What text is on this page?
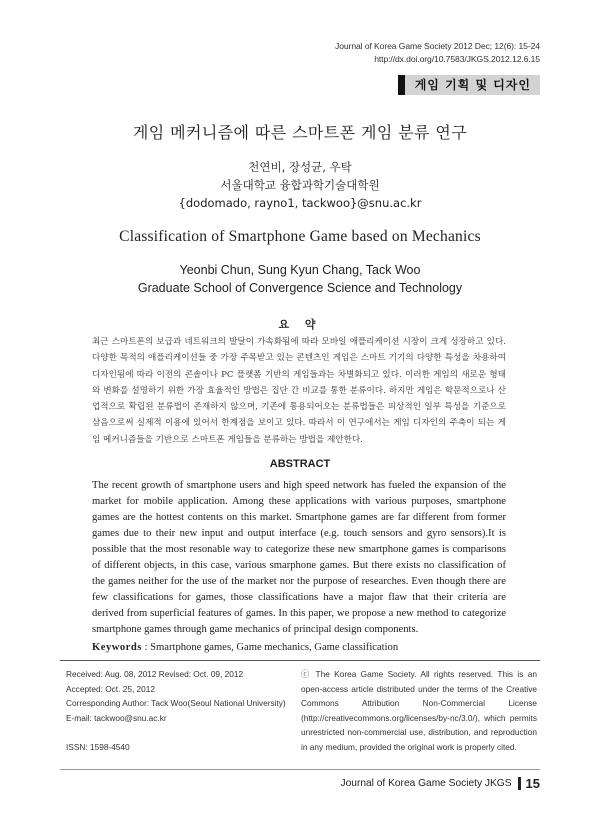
Journal of Korea Game Society 2012 Dec; 12(6): 15-24
http://dx.doi.org/10.7583/JKGS.2012.12.6.15
게임 기획 및 디자인
게임 메커니즘에 따른 스마트폰 게임 분류 연구
천연비, 장성균, 우탁
서울대학교 융합과학기술대학원
{dodomado, rayno1, tackwoo}@snu.ac.kr
Classification of Smartphone Game based on Mechanics
Yeonbi Chun, Sung Kyun Chang, Tack Woo
Graduate School of Convergence Science and Technology
요 약
최근 스마트폰의 보급과 네트워크의 발달이 가속화됨에 따라 모바일 애플리케이션 시장이 크게 성장하고 있다. 다양한 목적의 애플리케이션들 중 가장 주목받고 있는 콘텐츠인 게임은 스마트 기기의 다양한 특성을 차용하여 디자인됨에 따라 이전의 콘솔이나 PC 플랫폼 기반의 게임들과는 차별화되고 있다. 이러한 게임의 새로운 형태와 변화를 설명하기 위한 가장 효율적인 방법은 집단 간 비교를 통한 분류이다. 하지만 게임은 학문적으로나 산업적으로 확립된 분류법이 존재하지 않으며, 기존에 통용되어오는 분류법들은 피상적인 일부 특성을 기준으로 삼음으로써 실제적 이용에 있어서 한계점을 보이고 있다. 따라서 이 연구에서는 게임 디자인의 주축이 되는 게임 메커니즘들을 기반으로 스마트폰 게임들을 분류하는 방법을 제안한다.
ABSTRACT
The recent growth of smartphone users and high speed network has fueled the expansion of the market for mobile application. Among these applications with various purposes, smartphone games are the hottest contents on this market. Smartphone games are far different from former games due to their new input and output interface (e.g. touch sensors and gyro sensors).It is possible that the most resonable way to categorize these new smartphone games is comparisons of different objects, in this case, various smarphone games. But there exists no classification of the games neither for the use of the market nor the purpose of researches. Even though there are few classifications for games, those classifications have a major flaw that their criteria are derived from superficial features of games. In this paper, we propose a new method to categorize smartphone games through game mechanics of principal design components.
Keywords : Smartphone games, Game mechanics, Game classification
Received: Aug. 08, 2012 Revised: Oct. 09, 2012
Accepted: Oct. 25, 2012
Corresponding Author: Tack Woo(Seoul National University)
E-mail: tackwoo@snu.ac.kr
ISSN: 1598-4540
ⓒ The Korea Game Society. All rights reserved. This is an open-access article distributed under the terms of the Creative Commons Attribution Non-Commercial License (http://creativecommons.org/licenses/by-nc/3.0/), which permits unrestricted non-commercial use, distribution, and reproduction in any medium, provided the original work is properly cited.
Journal of Korea Game Society JKGS 15
